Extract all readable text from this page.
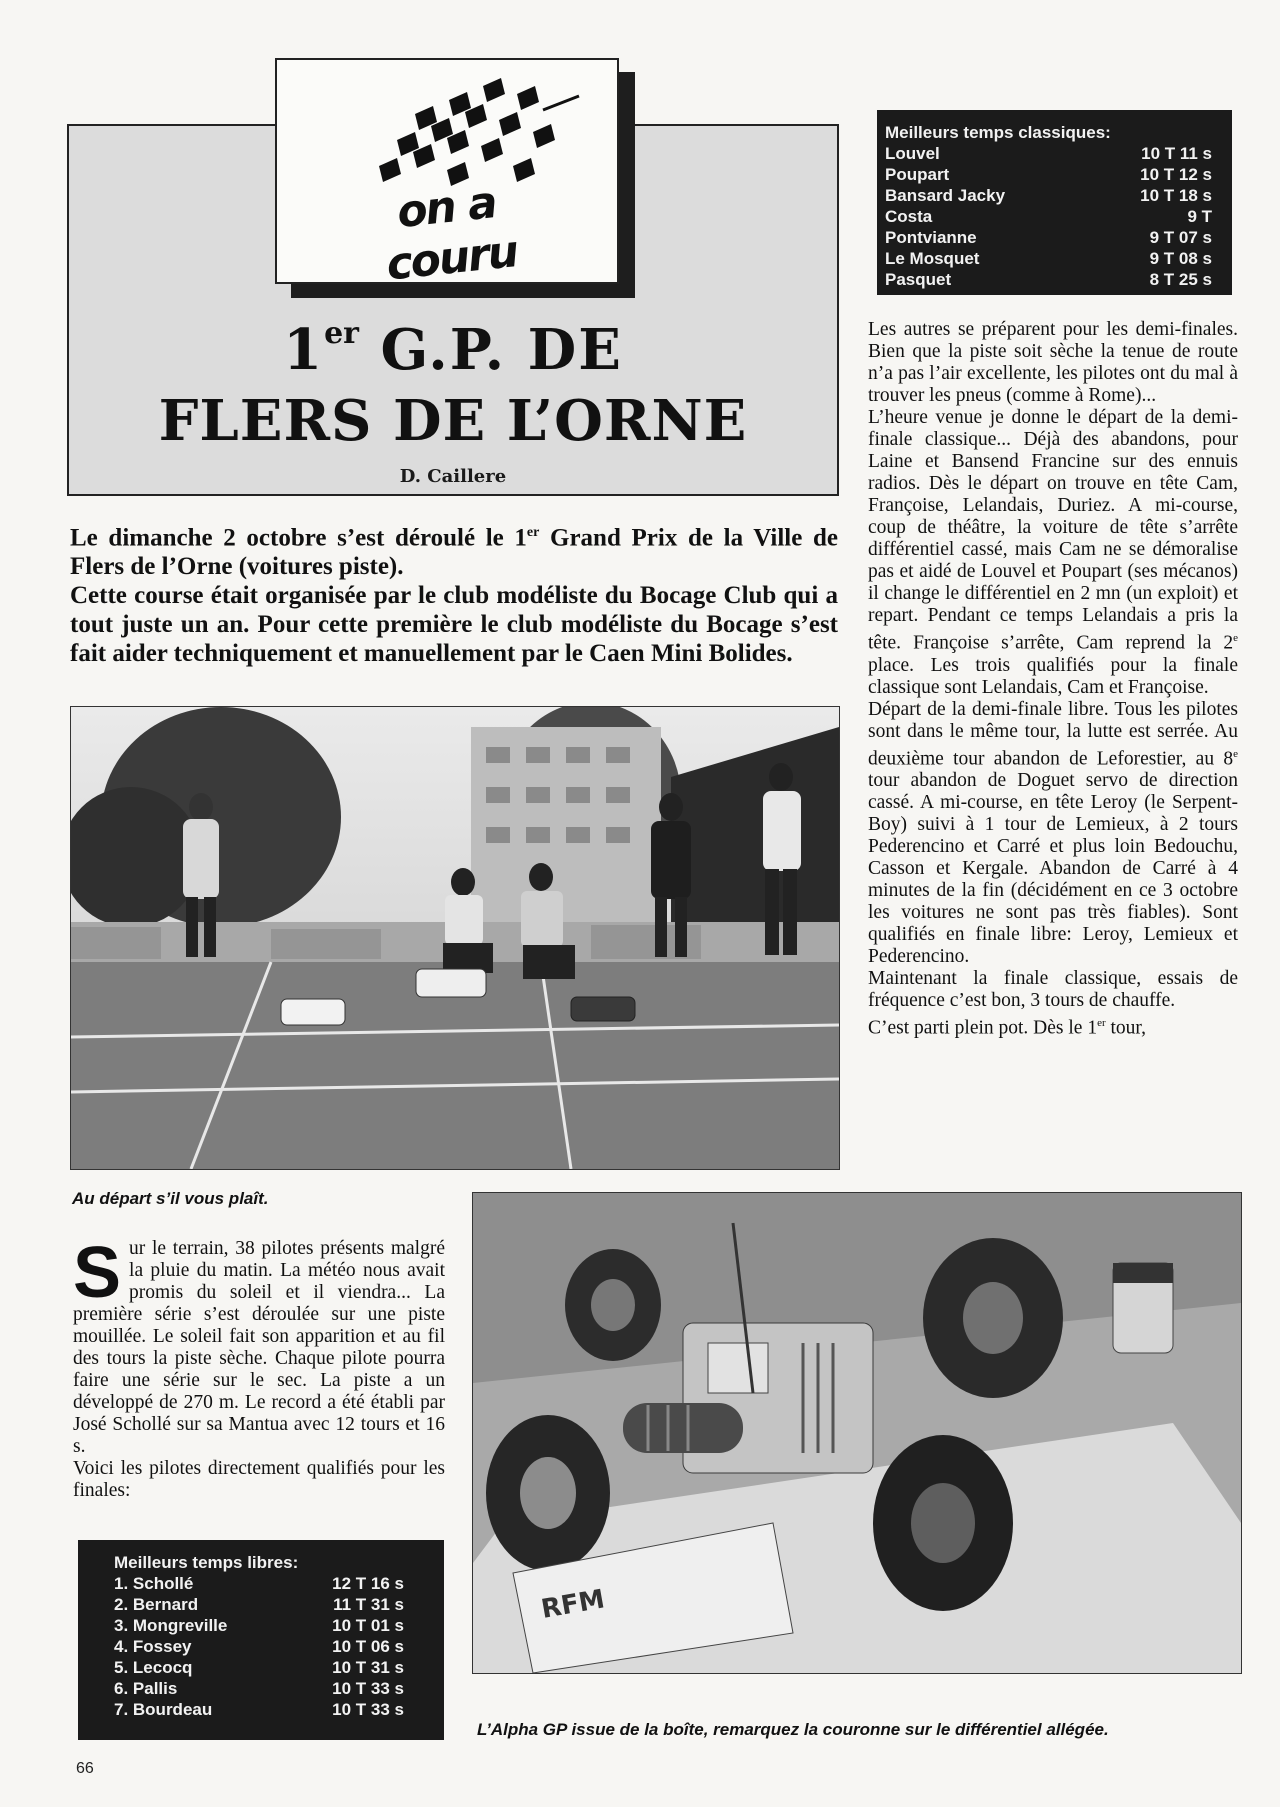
1er G.P. DE
FLERS DE L’ORNE
D. Caillere
on a couru

Le dimanche 2 octobre s’est déroulé le 1er Grand Prix de la Ville de Flers de l’Orne (voitures piste).

Cette course était organisée par le club modéliste du Bocage Club qui a tout juste un an. Pour cette première le club modéliste du Bocage s’est fait aider techniquement et manuellement par le Caen Mini Bolides.

Au départ s’il vous plaît.
RFM
L’Alpha GP issue de la boîte, remarquez la couronne sur le différentiel allégée.

Sur le terrain, 38 pilotes présents malgré la pluie du matin. La météo nous avait promis du soleil et il viendra... La première série s’est déroulée sur une piste mouillée. Le soleil fait son apparition et au fil des tours la piste sèche. Chaque pilote pourra faire une série sur le sec. La piste a un développé de 270 m. Le record a été établi par José Schollé sur sa Mantua avec 12 tours et 16 s.

Voici les pilotes directement qualifiés pour les finales:

Meilleurs temps libres:
1. Schollé	12 T 16 s
2. Bernard	11 T 31 s
3. Mongreville	10 T 01 s
4. Fossey	10 T 06 s
5. Lecocq	10 T 31 s
6. Pallis	10 T 33 s
7. Bourdeau	10 T 33 s
Meilleurs temps classiques:
Louvel	10 T 11 s
Poupart	10 T 12 s
Bansard Jacky	10 T 18 s
Costa	9 T
Pontvianne	9 T 07 s
Le Mosquet	9 T 08 s
Pasquet	8 T 25 s

Les autres se préparent pour les demi-finales. Bien que la piste soit sèche la tenue de route n’a pas l’air excellente, les pilotes ont du mal à trouver les pneus (comme à Rome)...

L’heure venue je donne le départ de la demi-finale classique... Déjà des abandons, pour Laine et Bansend Francine sur des ennuis radios. Dès le départ on trouve en tête Cam, Françoise, Lelandais, Duriez. A mi-course, coup de théâtre, la voiture de tête s’arrête différentiel cassé, mais Cam ne se démoralise pas et aidé de Louvel et Poupart (ses mécanos) il change le différentiel en 2 mn (un exploit) et repart. Pendant ce temps Lelandais a pris la tête. Françoise s’arrête, Cam reprend la 2e place. Les trois qualifiés pour la finale classique sont Lelandais, Cam et Françoise.

Départ de la demi-finale libre. Tous les pilotes sont dans le même tour, la lutte est serrée. Au deuxième tour abandon de Leforestier, au 8e tour abandon de Doguet servo de direction cassé. A mi-course, en tête Leroy (le Serpent-Boy) suivi à 1 tour de Lemieux, à 2 tours Pederencino et Carré et plus loin Bedouchu, Casson et Kergale. Abandon de Carré à 4 minutes de la fin (décidément en ce 3 octobre les voitures ne sont pas très fiables). Sont qualifiés en finale libre: Leroy, Lemieux et Pederencino.

Maintenant la finale classique, essais de fréquence c’est bon, 3 tours de chauffe.

C’est parti plein pot. Dès le 1er tour,

66
